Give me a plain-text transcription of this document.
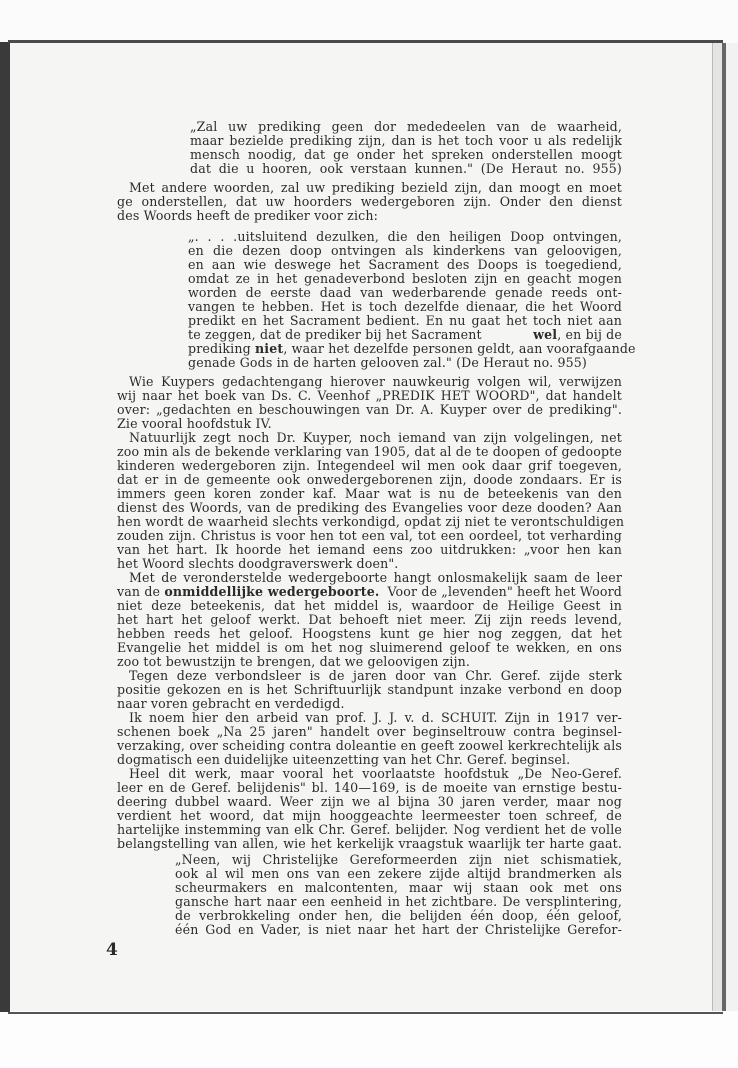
„Zal uw prediking geen dor mededeelen van de waarheid,
maar bezielde prediking zijn, dan is het toch voor u als redelijk
mensch noodig, dat ge onder het spreken onderstellen moogt
dat die u hooren, ook verstaan kunnen." (De Heraut no. 955)
Met andere woorden, zal uw prediking bezield zijn, dan moogt en moet
ge onderstellen, dat uw hoorders wedergeboren zijn. Onder den dienst
des Woords heeft de prediker voor zich:
„. . . .uitsluitend dezulken, die den heiligen Doop ontvingen,
en die dezen doop ontvingen als kinderkens van geloovigen,
en aan wie deswege het Sacrament des Doops is toegediend,
omdat ze in het genadeverbond besloten zijn en geacht mogen
worden de eerste daad van wederbarende genade reeds ont-
vangen te hebben. Het is toch dezelfde dienaar, die het Woord
predikt en het Sacrament bedient. En nu gaat het toch niet aan
te zeggen, dat de prediker bij het Sacrament	wel, en bij de
prediking niet, waar het dezelfde personen geldt, aan voorafgaande
genade Gods in de harten gelooven zal." (De Heraut no. 955)
Wie Kuypers gedachtengang hierover nauwkeurig volgen wil, verwijzen
wij naar het boek van Ds. C. Veenhof „PREDIK HET WOORD", dat handelt
over: „gedachten en beschouwingen van Dr. A. Kuyper over de prediking".
Zie vooral hoofdstuk IV.
Natuurlijk zegt noch Dr. Kuyper, noch iemand van zijn volgelingen, net
zoo min als de bekende verklaring van 1905, dat al de te doopen of gedoopte
kinderen wedergeboren zijn. Integendeel wil men ook daar grif toegeven,
dat er in de gemeente ook onwedergeborenen zijn, doode zondaars. Er is
immers geen koren zonder kaf. Maar wat is nu de beteekenis van den
dienst des Woords, van de prediking des Evangelies voor deze dooden? Aan
hen wordt de waarheid slechts verkondigd, opdat zij niet te verontschuldigen
zouden zijn. Christus is voor hen tot een val, tot een oordeel, tot verharding
van het hart. Ik hoorde het iemand eens zoo uitdrukken: „voor hen kan
het Woord slechts doodgraverswerk doen".
Met de veronderstelde wedergeboorte hangt onlosmakelijk saam de leer
van de onmiddellijke wedergeboorte. Voor de „levenden" heeft het Woord
niet deze beteekenis, dat het middel is, waardoor de Heilige Geest in
het hart het geloof werkt. Dat behoeft niet meer. Zij zijn reeds levend,
hebben reeds het geloof. Hoogstens kunt ge hier nog zeggen, dat het
Evangelie het middel is om het nog sluimerend geloof te wekken, en ons
zoo tot bewustzijn te brengen, dat we geloovigen zijn.
Tegen deze verbondsleer is de jaren door van Chr. Geref. zijde sterk
positie gekozen en is het Schriftuurlijk standpunt inzake verbond en doop
naar voren gebracht en verdedigd.
Ik noem hier den arbeid van prof. J. J. v. d. SCHUIT. Zijn in 1917 ver-
schenen boek „Na 25 jaren" handelt over beginseltrouw contra beginsel-
verzaking, over scheiding contra doleantie en geeft zoowel kerkrechtelijk als
dogmatisch een duidelijke uiteenzetting van het Chr. Geref. beginsel.
Heel dit werk, maar vooral het voorlaatste hoofdstuk „De Neo-Geref.
leer en de Geref. belijdenis" bl. 140—169, is de moeite van ernstige bestu-
deering dubbel waard. Weer zijn we al bijna 30 jaren verder, maar nog
verdient het woord, dat mijn hooggeachte leermeester toen schreef, de
hartelijke instemming van elk Chr. Geref. belijder. Nog verdient het de volle
belangstelling van allen, wie het kerkelijk vraagstuk waarlijk ter harte gaat.
„Neen, wij Christelijke Gereformeerden zijn niet schismatiek,
ook al wil men ons van een zekere zijde altijd brandmerken als
scheurmakers en malcontenten, maar wij staan ook met ons
gansche hart naar een eenheid in het zichtbare. De versplintering,
de verbrokkeling onder hen, die belijden één doop, één geloof,
één God en Vader, is niet naar het hart der Christelijke Gerefor-
4
